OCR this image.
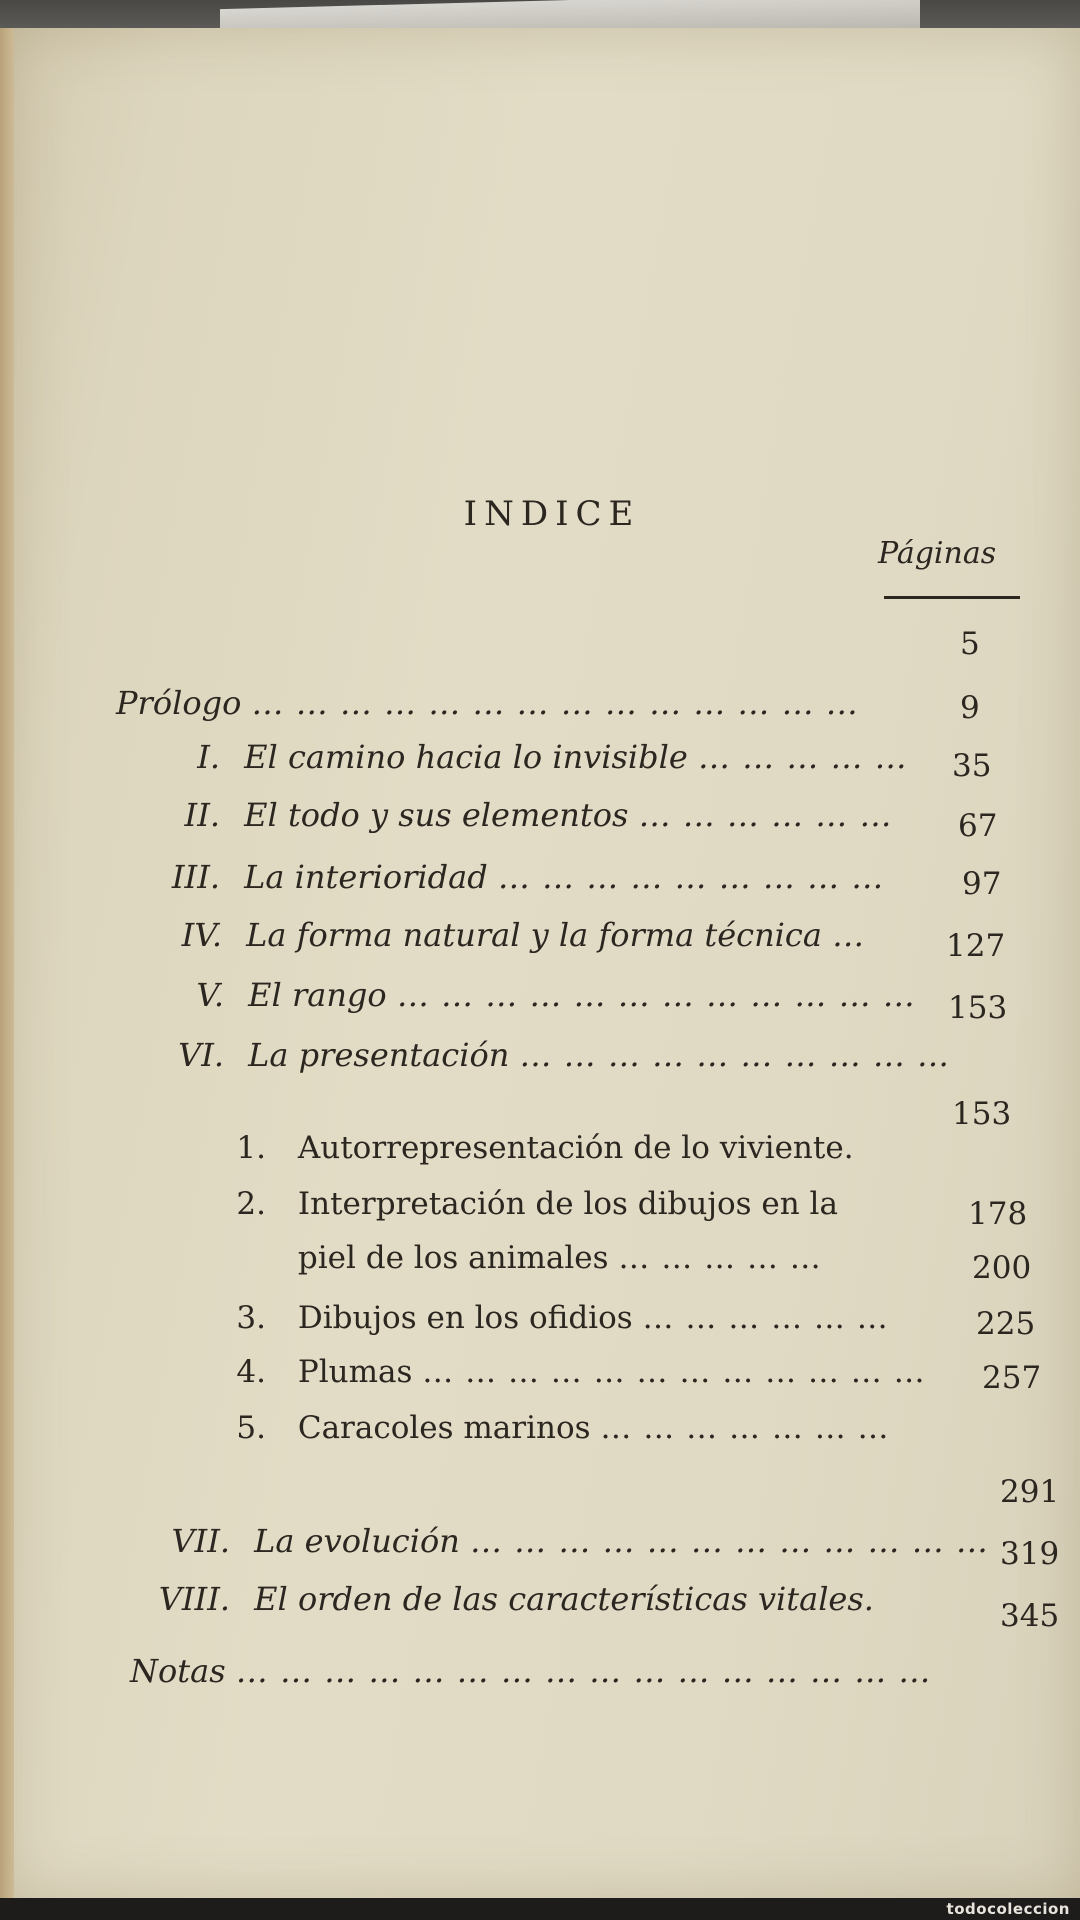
INDICE
Páginas
Prólogo … … … … … … … … … … … … … …
5
I. El camino hacia lo invisible … … … … …
9
II. El todo y sus elementos … … … … … …
35
III. La interioridad … … … … … … … … …
67
IV. La forma natural y la forma técnica …
97
V. El rango … … … … … … … … … … … …
127
VI. La presentación … … … … … … … … … …
153
1. Autorrepresentación de lo viviente.
153
2. Interpretación de los dibujos en la
piel de los animales … … … … …
178
3. Dibujos en los ofidios … … … … … …
200
4. Plumas … … … … … … … … … … … …
225
5. Caracoles marinos … … … … … … …
257
VII. La evolución … … … … … … … … … … … …
291
VIII. El orden de las características vitales.
319
Notas … … … … … … … … … … … … … … … …
345
todocoleccion
